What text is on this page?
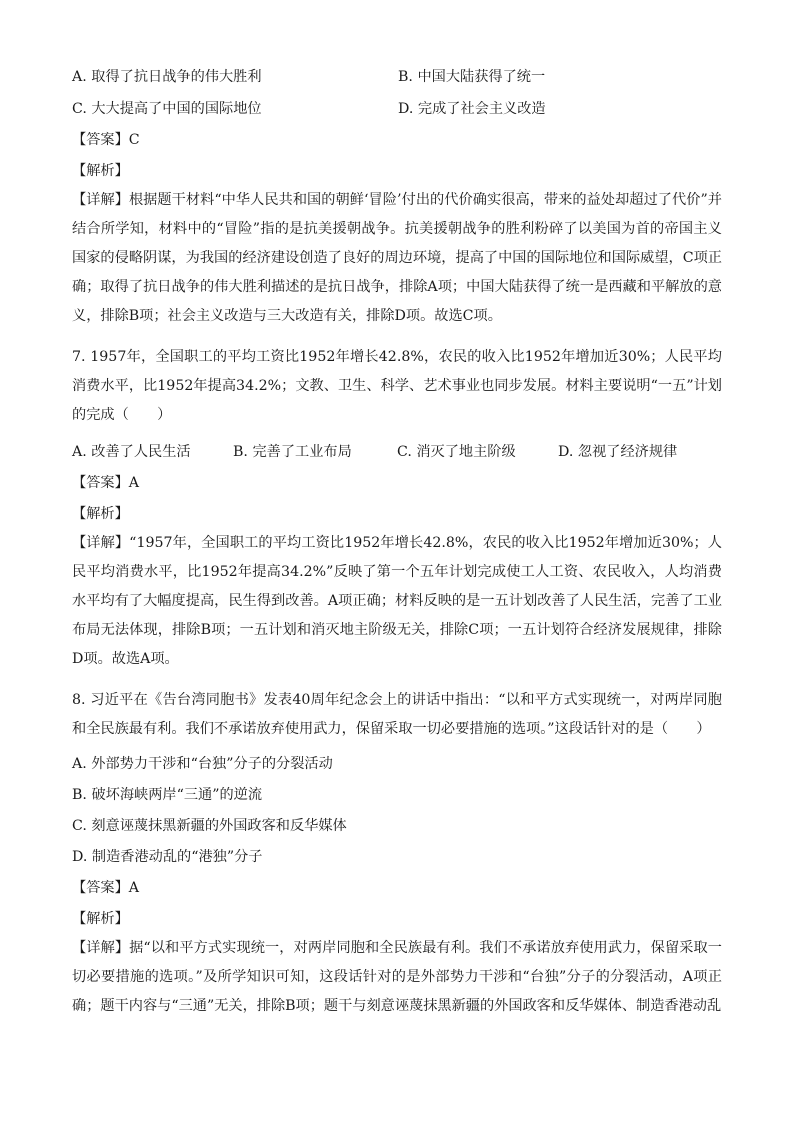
A. 取得了抗日战争的伟大胜利	B. 中国大陆获得了统一
C. 大大提高了中国的国际地位	D. 完成了社会主义改造
【答案】C
【解析】
【详解】根据题干材料“中华人民共和国的朝鲜‘冒险’付出的代价确实很高，带来的益处却超过了代价”并结合所学知，材料中的“冒险”指的是抗美援朝战争。抗美援朝战争的胜利粉碎了以美国为首的帝国主义国家的侵略阴谋，为我国的经济建设创造了良好的周边环境，提高了中国的国际地位和国际威望，C项正确；取得了抗日战争的伟大胜利描述的是抗日战争，排除A项；中国大陆获得了统一是西藏和平解放的意义，排除B项；社会主义改造与三大改造有关，排除D项。故选C项。
7. 1957年，全国职工的平均工资比1952年增长42.8%，农民的收入比1952年增加近30%；人民平均消费水平，比1952年提高34.2%；文教、卫生、科学、艺术事业也同步发展。材料主要说明“一五”计划的完成（　　）
A. 改善了人民生活	B. 完善了工业布局	C. 消灭了地主阶级	D. 忽视了经济规律
【答案】A
【解析】
【详解】“1957年，全国职工的平均工资比1952年增长42.8%，农民的收入比1952年增加近30%；人民平均消费水平，比1952年提高34.2%”反映了第一个五年计划完成使工人工资、农民收入，人均消费水平均有了大幅度提高，民生得到改善。A项正确；材料反映的是一五计划改善了人民生活，完善了工业布局无法体现，排除B项；一五计划和消灭地主阶级无关，排除C项；一五计划符合经济发展规律，排除D项。故选A项。
8. 习近平在《告台湾同胞书》发表40周年纪念会上的讲话中指出：“以和平方式实现统一，对两岸同胞和全民族最有利。我们不承诺放弃使用武力，保留采取一切必要措施的选项。”这段话针对的是（　　）
A. 外部势力干涉和“台独”分子的分裂活动
B. 破坏海峡两岸“三通”的逆流
C. 刻意诬蔑抹黑新疆的外国政客和反华媒体
D. 制造香港动乱的“港独”分子
【答案】A
【解析】
【详解】据“以和平方式实现统一，对两岸同胞和全民族最有利。我们不承诺放弃使用武力，保留采取一切必要措施的选项。”及所学知识可知，这段话针对的是外部势力干涉和“台独”分子的分裂活动，A项正确；题干内容与“三通”无关，排除B项；题干与刻意诬蔑抹黑新疆的外国政客和反华媒体、制造香港动乱
